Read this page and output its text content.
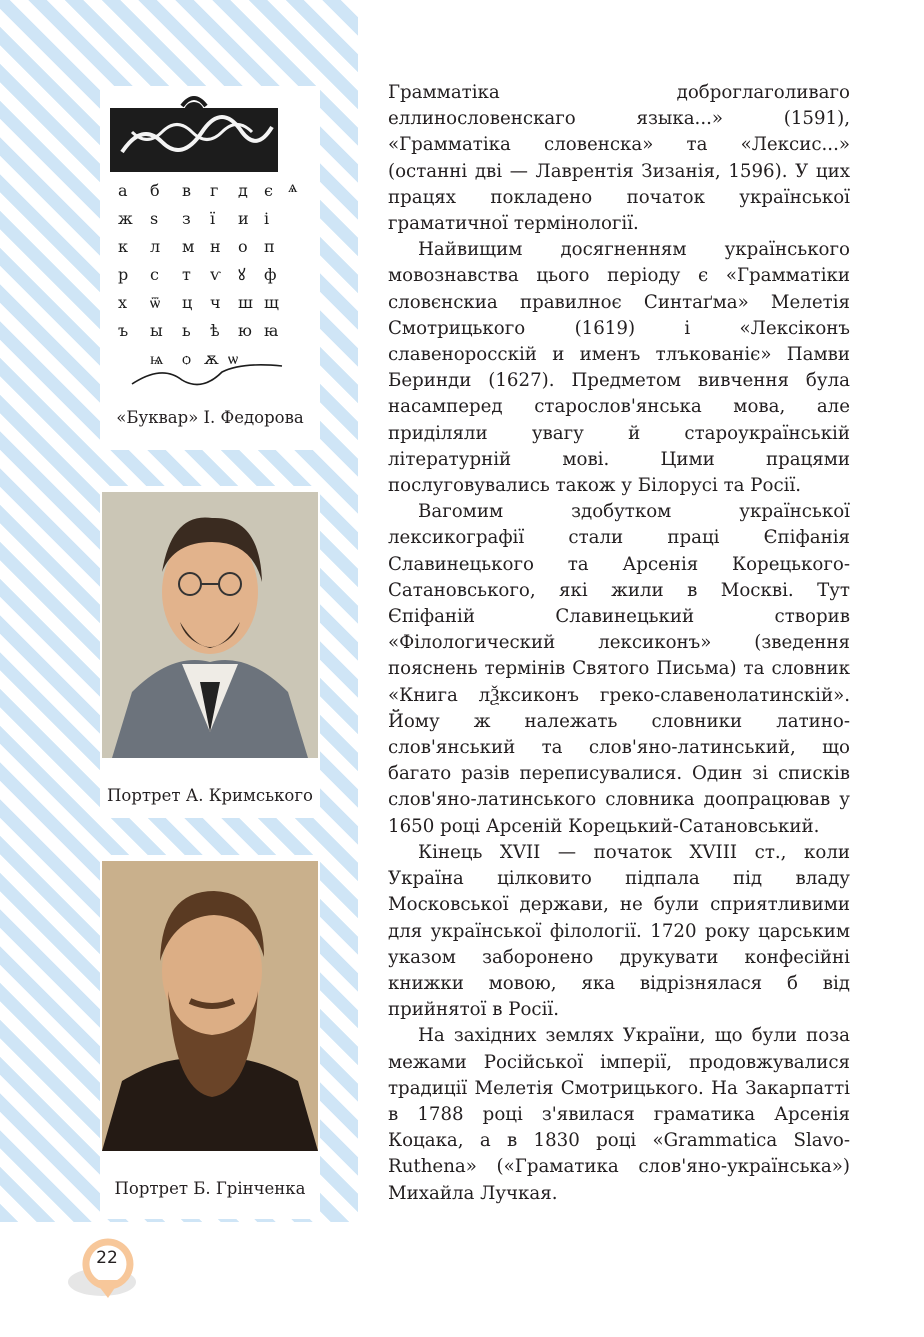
а б в г д є ѧ
ж ѕ з ї и і
к л м н о п
р с т ѵ ꙋ ф
х ѿ ц ч ш щ
ъ ы ь ѣ ю ꙗ
ѩ ѻ ѫ ѡ
«Буквар» І. Федорова
Портрет А. Кримського
Портрет Б. Грінченка

Грамматіка доброглаголиваго еллинословенскаго языка...» (1591), «Грамматіка словенска» та «Лексис...» (останні дві — Лаврентія Зизанія, 1596). У цих працях покладено початок української граматичної термінології.

Найвищим досягненням українського мовознавства цього періоду є «Грамматіки словєнскиа правилноє Синтаґма» Мелетія Смотрицького (1619) і «Лексіконъ славеноросскій и именъ тлъкованіє» Памви Беринди (1627). Предметом вивчення була насамперед старослов'янська мова, але приділяли увагу й староукраїнській літературній мові. Цими працями послуговувались також у Білорусі та Росії.

Вагомим здобутком української лексикографії стали праці Єпіфанія Славинецького та Арсенія Корецького-Сатановського, які жили в Москві. Тут Єпіфаній Славинецький створив «Філологический лексиконъ» (зведення пояснень термінів Святого Письма) та словник «Книга лѮксиконъ греко-славенолатинскій». Йому ж належать словники латино-слов'янський та слов'яно-латинський, що багато разів переписувалися. Один зі списків слов'яно-латинського словника доопрацював у 1650 році Арсеній Корецький-Сатановський.

Кінець XVII — початок XVIII ст., коли Україна цілковито підпала під владу Московської держави, не були сприятливими для української філології. 1720 року царським указом заборонено друкувати конфесійні книжки мовою, яка відрізнялася б від прийнятої в Росії.

На західних землях України, що були поза межами Російської імперії, продовжувалися традиції Мелетія Смотрицького. На Закарпатті в 1788 році з'явилася граматика Арсенія Коцака, а в 1830 році «Grammatica Slavo-Ruthena» («Граматика слов'яно-українська») Михайла Лучкая.

22
